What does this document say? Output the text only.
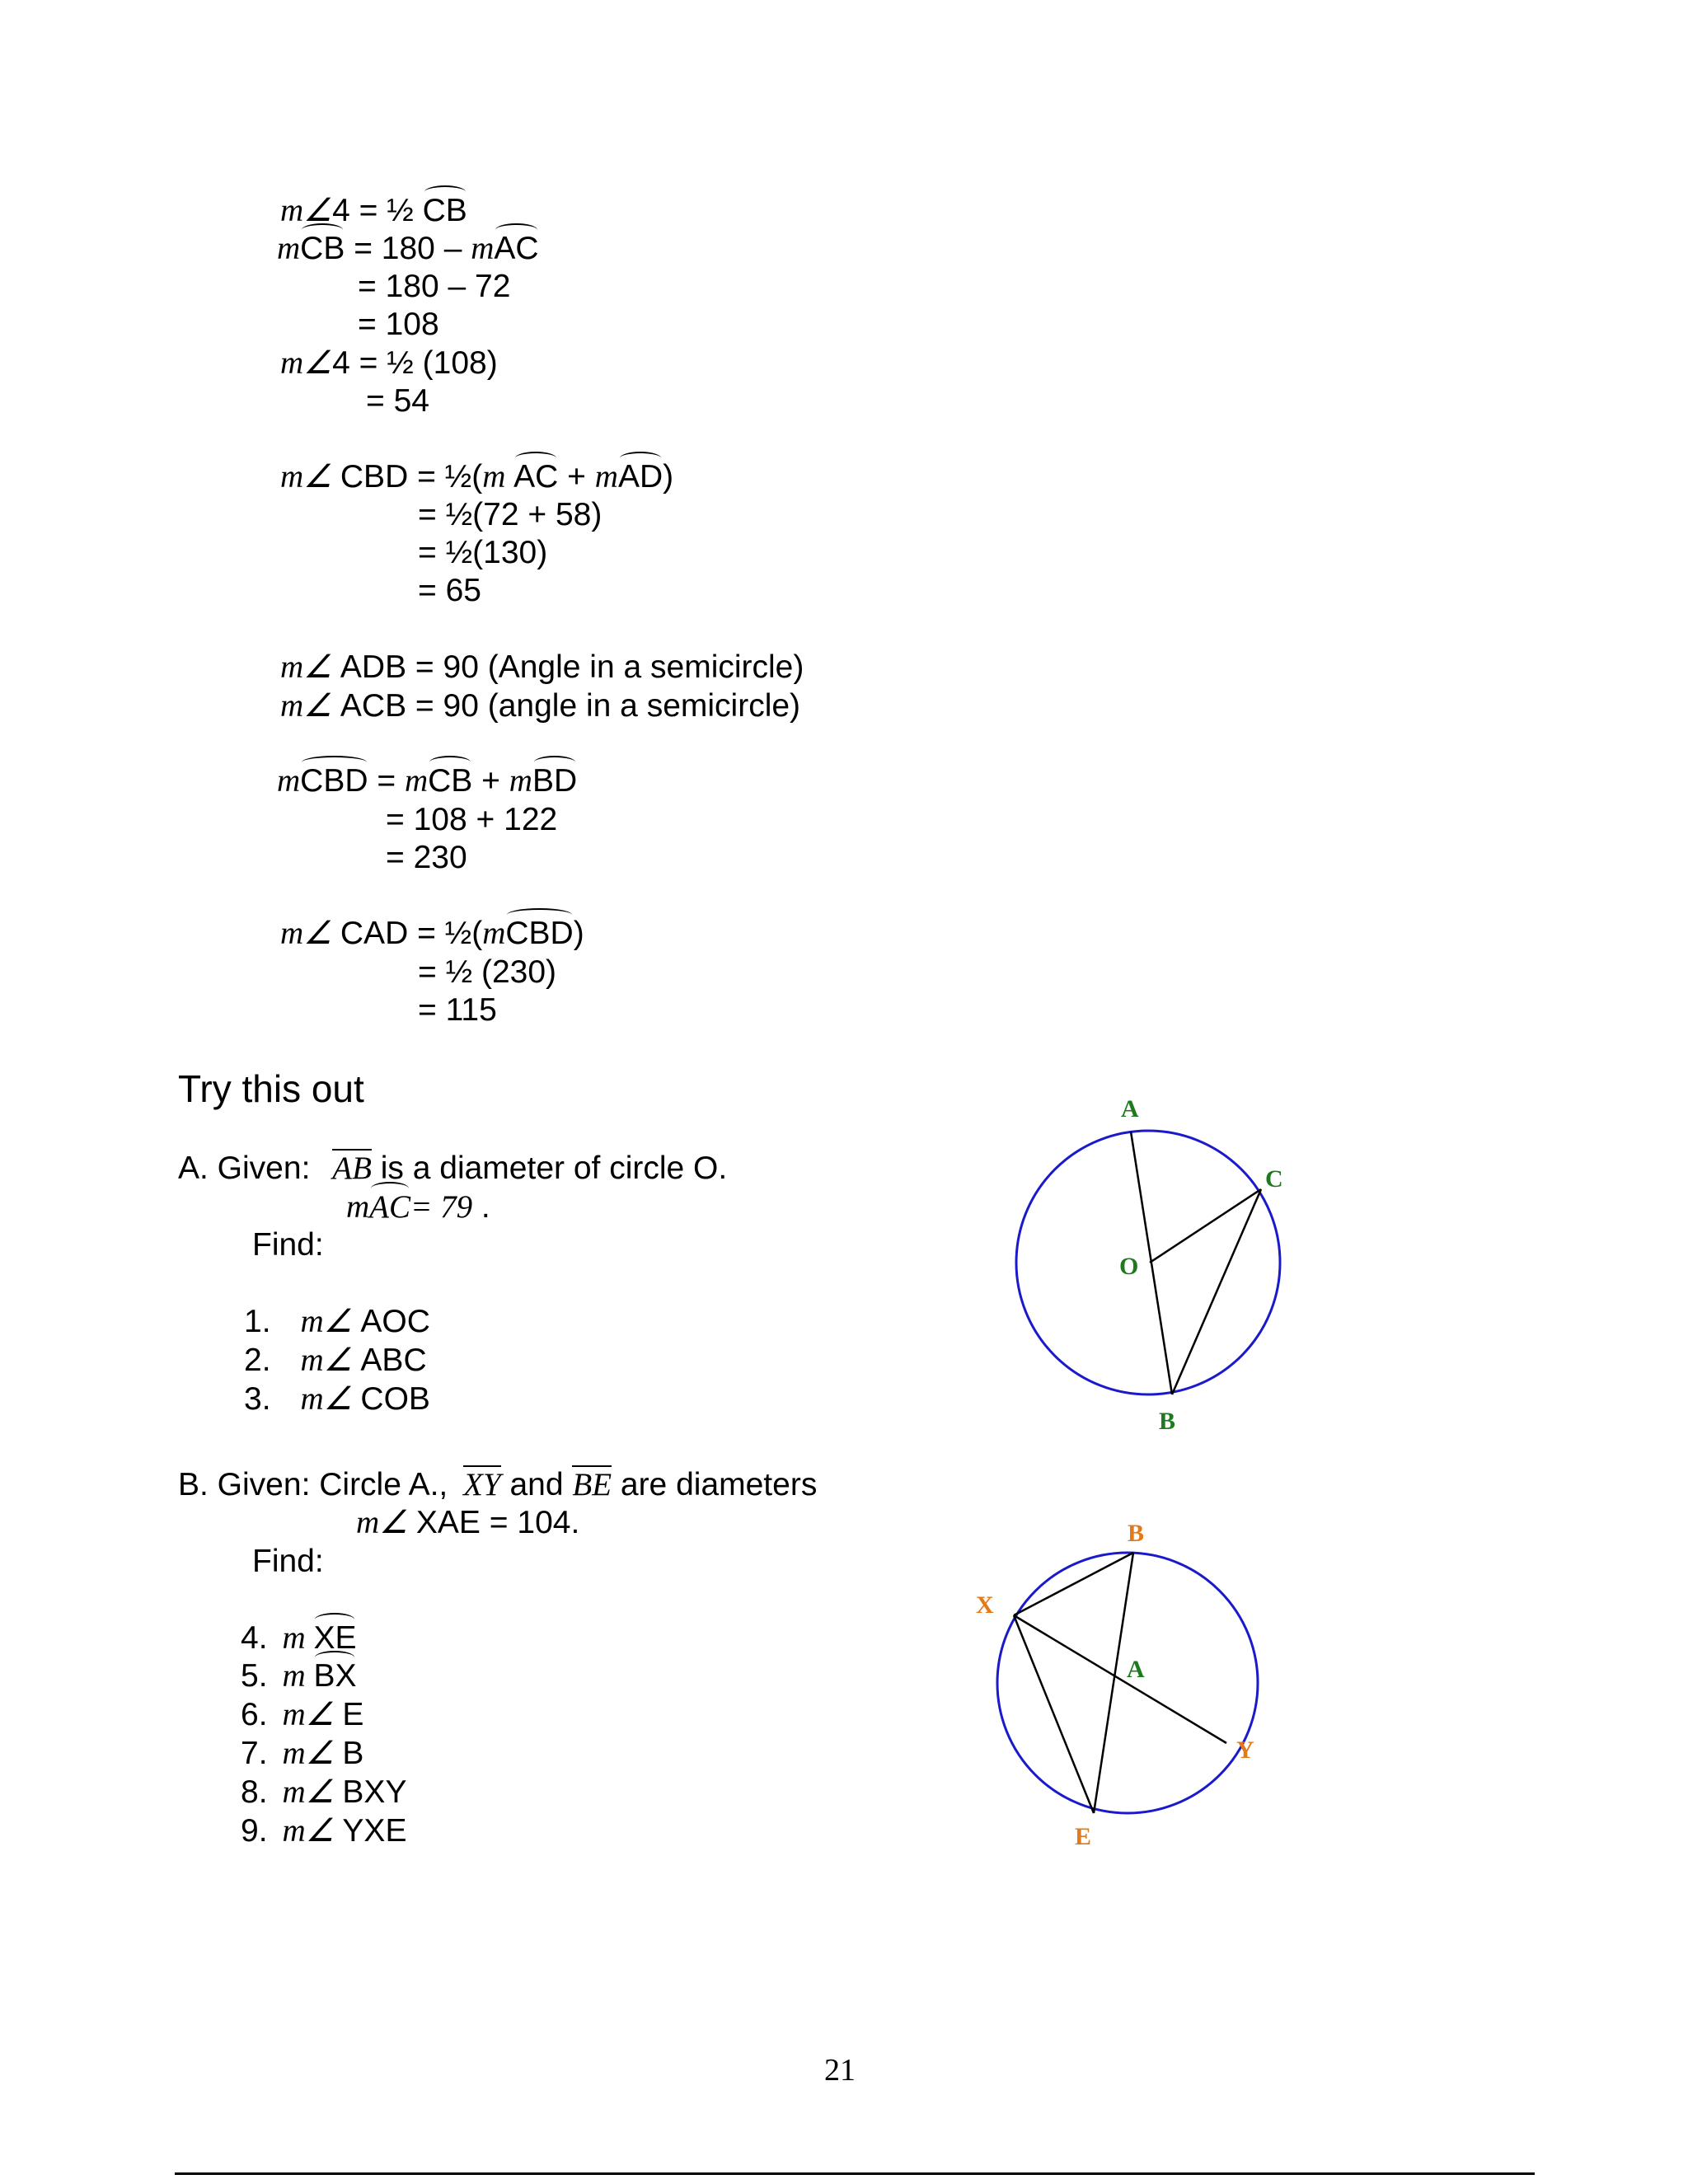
m∠4 = ½ CB
mCB = 180 – mAC
= 180 – 72
= 108
m∠4 = ½ (108)
= 54
m∠ CBD = ½(m AC + mAD)
= ½(72 + 58)
= ½(130)
= 65
m∠ ADB = 90 (Angle in a semicircle)
m∠ ACB = 90 (angle in a semicircle)
mCBD = mCB + mBD
= 108 + 122
= 230
m∠ CAD = ½(mCBD)
= ½ (230)
= 115
Try this out
A. Given: AB is a diameter of circle O.
mAC= 79 .
Find:
1. m∠ AOC
2. m∠ ABC
3. m∠ COB
B. Given: Circle A., XY and
BE are diameters
m∠ XAE = 104.
Find:
4. m XE
5. m BX
6. m∠ E
7. m∠ B
8. m∠ BXY
9. m∠ YXE
A
C
O
B
B
X
A
Y
E
21
